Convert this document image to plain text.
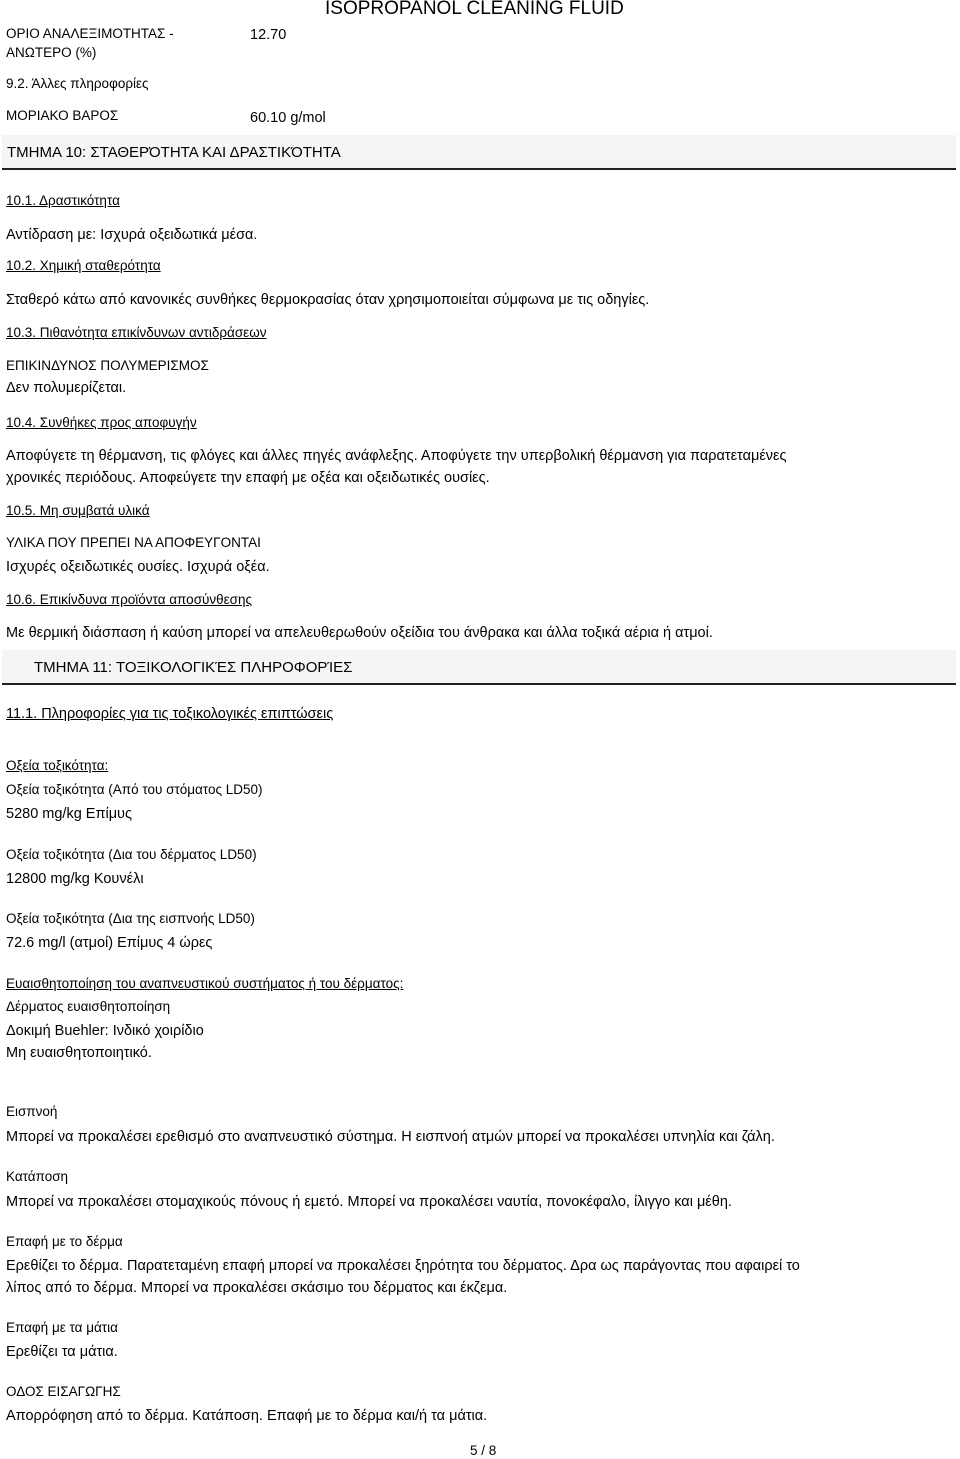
ISOPROPANOL CLEANING FLUID
ΟΡΙΟ ΑΝΑΛΕΞΙΜΟΤΗΤΑΣ - ΑΝΩΤΕΡΟ (%)
12.70
9.2. Άλλες πληροφορίες
ΜΟΡΙΑΚΟ ΒΑΡΟΣ	60.10 g/mol
ΤΜΗΜΑ 10: ΣΤΑΘΕΡΌΤΗΤΑ ΚΑΙ ΔΡΑΣΤΙΚΌΤΗΤΑ
10.1. Δραστικότητα
Αντίδραση με: Ισχυρά οξειδωτικά μέσα.
10.2. Χημική σταθερότητα
Σταθερό κάτω από κανονικές συνθήκες θερμοκρασίας όταν χρησιμοποιείται σύμφωνα με τις οδηγίες.
10.3. Πιθανότητα επικίνδυνων αντιδράσεων
ΕΠΙΚΙΝΔΥΝΟΣ ΠΟΛΥΜΕΡΙΣΜΟΣ
Δεν πολυμερίζεται.
10.4. Συνθήκες προς αποφυγήν
Αποφύγετε τη θέρμανση, τις φλόγες και άλλες πηγές ανάφλεξης. Αποφύγετε την υπερβολική θέρμανση για παρατεταμένες
χρονικές περιόδους. Αποφεύγετε την επαφή με οξέα και οξειδωτικές ουσίες.
10.5. Μη συμβατά υλικά
ΥΛΙΚΑ ΠΟΥ ΠΡΕΠΕΙ ΝΑ ΑΠΟΦΕΥΓΟΝΤΑΙ
Ισχυρές οξειδωτικές ουσίες. Ισχυρά οξέα.
10.6. Επικίνδυνα προϊόντα αποσύνθεσης
Με θερμική διάσπαση ή καύση μπορεί να απελευθερωθούν οξείδια του άνθρακα και άλλα τοξικά αέρια ή ατμοί.
ΤΜΗΜΑ 11: ΤΟΞΙΚΟΛΟΓΙΚΈΣ ΠΛΗΡΟΦΟΡΊΕΣ
11.1. Πληροφορίες για τις τοξικολογικές επιπτώσεις
Οξεία τοξικότητα:
Οξεία τοξικότητα (Από του στόματος LD50)
5280 mg/kg Επίμυς
Οξεία τοξικότητα (Δια του δέρματος LD50)
12800 mg/kg Κουνέλι
Οξεία τοξικότητα (Δια της εισπνοής LD50)
72.6 mg/l (ατμοί) Επίμυς 4 ώρες
Ευαισθητοποίηση του αναπνευστικού συστήματος ή του δέρματος:
Δέρματος ευαισθητοποίηση
Δοκιμή Buehler: Ινδικό χοιρίδιο
Μη ευαισθητοποιητικό.
Εισπνοή
Μπορεί να προκαλέσει ερεθισμό στο αναπνευστικό σύστημα. Η εισπνοή ατμών μπορεί να προκαλέσει υπνηλία και ζάλη.
Κατάποση
Μπορεί να προκαλέσει στομαχικούς πόνους ή εμετό. Μπορεί να προκαλέσει ναυτία, πονοκέφαλο, ίλιγγο και μέθη.
Επαφή με το δέρμα
Ερεθίζει το δέρμα. Παρατεταμένη επαφή μπορεί να προκαλέσει ξηρότητα του δέρματος. Δρα ως παράγοντας που αφαιρεί το
λίπος από το δέρμα. Μπορεί να προκαλέσει σκάσιμο του δέρματος και έκζεμα.
Επαφή με τα μάτια
Ερεθίζει τα μάτια.
ΟΔΟΣ ΕΙΣΑΓΩΓΗΣ
Απορρόφηση από το δέρμα. Κατάποση. Επαφή με το δέρμα και/ή τα μάτια.
5 / 8
